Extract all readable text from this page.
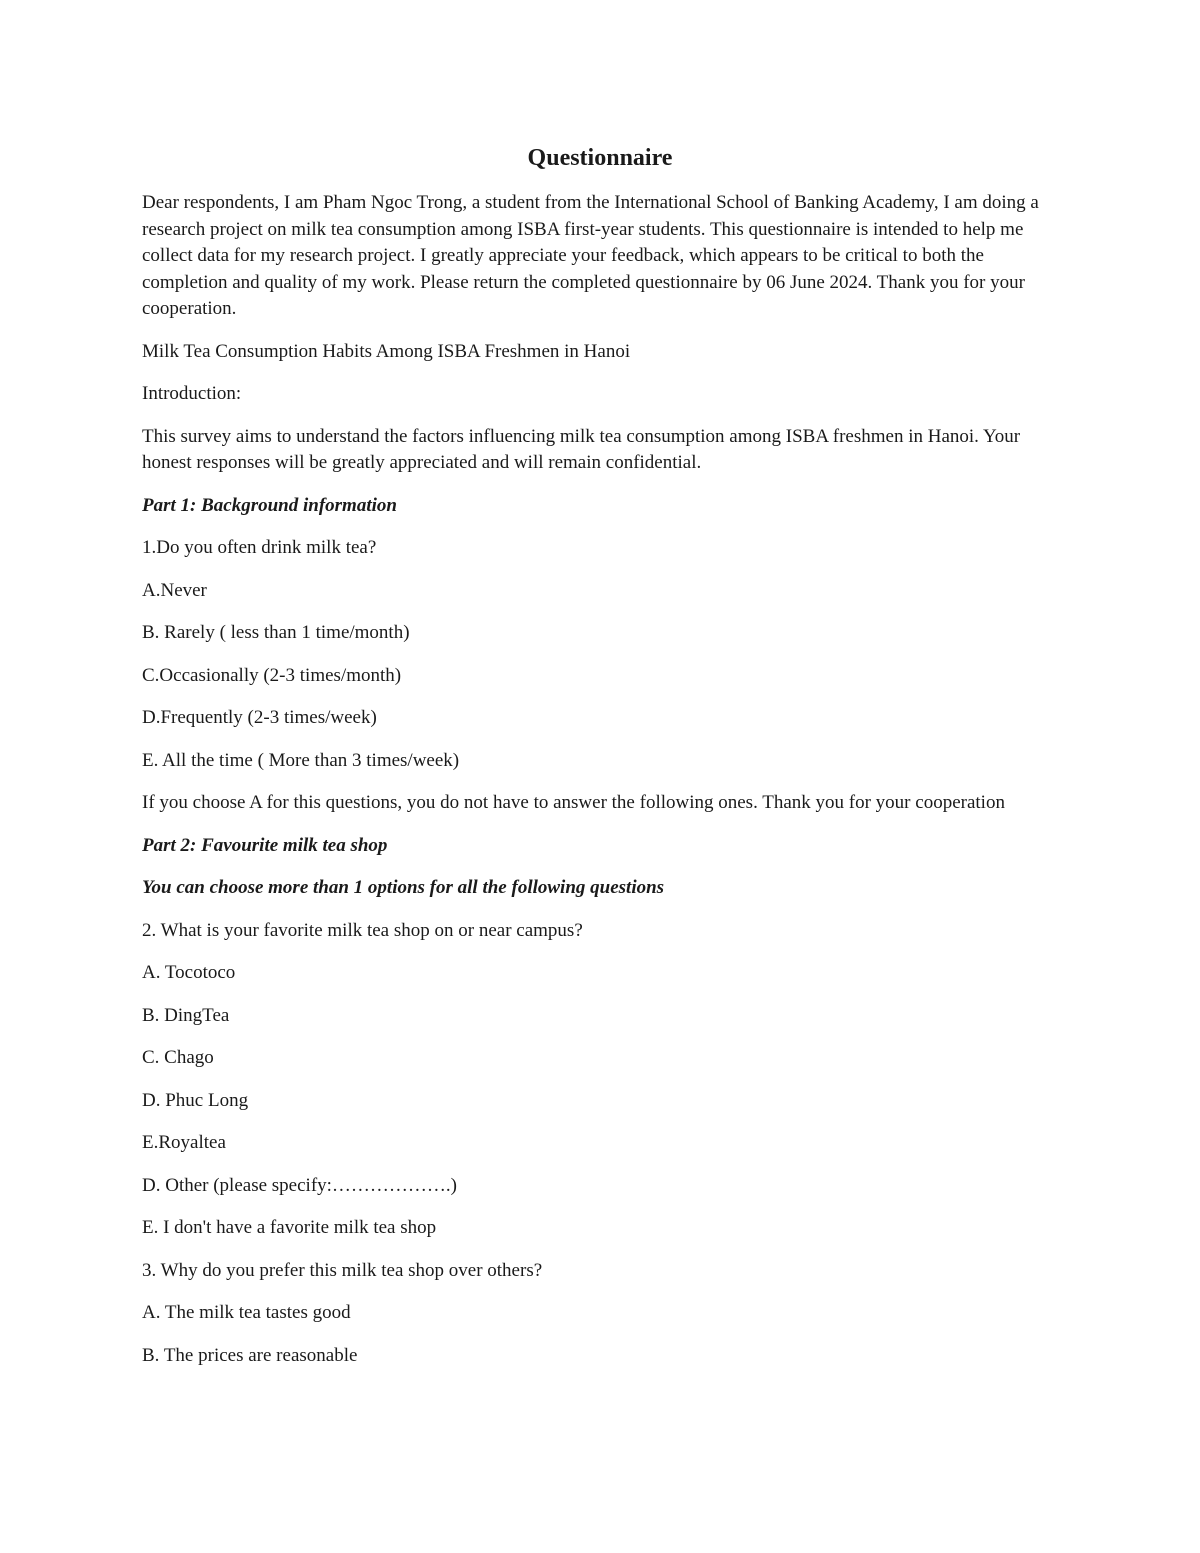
Questionnaire

Dear respondents, I am Pham Ngoc Trong, a student from the International School of Banking Academy, I am doing a research project on milk tea consumption among ISBA first-year students. This questionnaire is intended to help me collect data for my research project. I greatly appreciate your feedback, which appears to be critical to both the completion and quality of my work. Please return the completed questionnaire by 06 June 2024. Thank you for your cooperation.

Milk Tea Consumption Habits Among ISBA Freshmen in Hanoi

Introduction:

This survey aims to understand the factors influencing milk tea consumption among ISBA freshmen in Hanoi. Your honest responses will be greatly appreciated and will remain confidential.

Part 1: Background information

1.Do you often drink milk tea?

A.Never

B. Rarely ( less than 1 time/month)

C.Occasionally (2-3 times/month)

D.Frequently (2-3 times/week)

E. All the time ( More than 3 times/week)

If you choose A for this questions, you do not have to answer the following ones. Thank you for your cooperation

Part 2: Favourite milk tea shop

You can choose more than 1 options for all the following questions

2. What is your favorite milk tea shop on or near campus?

A. Tocotoco

B. DingTea

C. Chago

D. Phuc Long

E.Royaltea

D. Other (please specify:……………….)

E. I don't have a favorite milk tea shop

3. Why do you prefer this milk tea shop over others?

A. The milk tea tastes good

B. The prices are reasonable
